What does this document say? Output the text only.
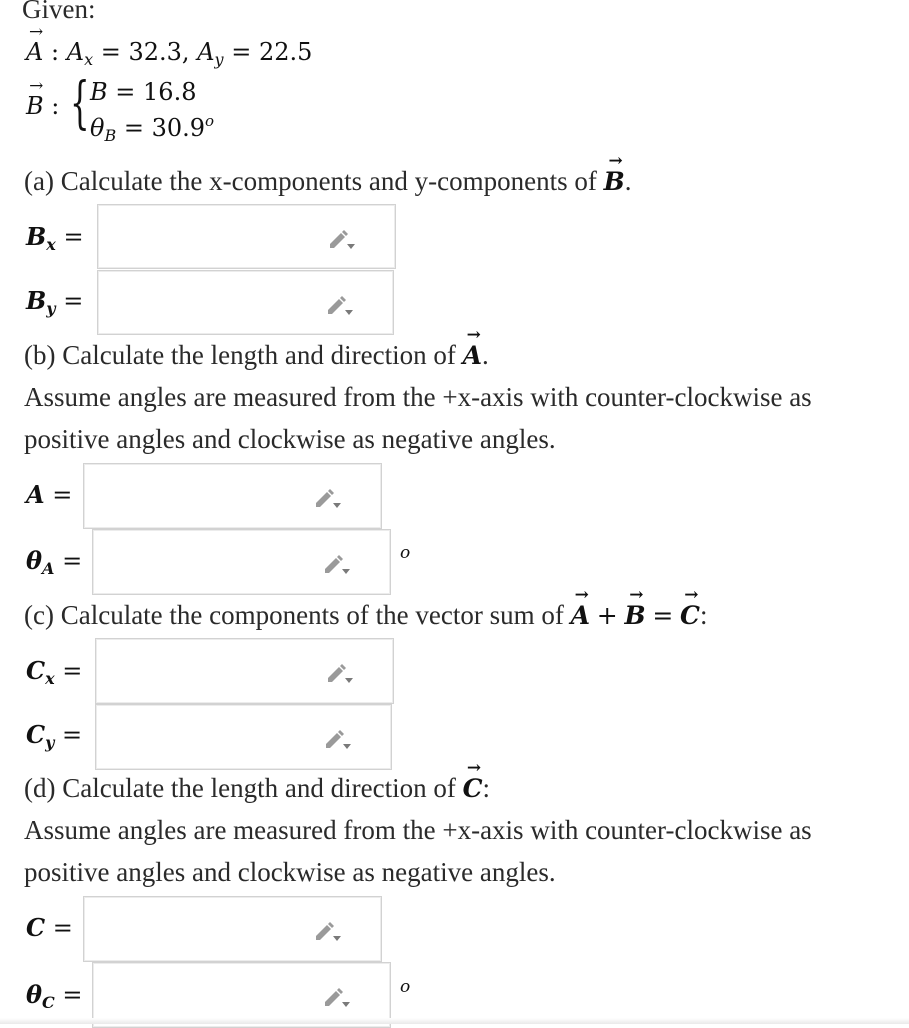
Given:
A → : $A_x = 32.3$, $A_y = 22.5$
B → : { B = 16.8
$\theta_B = 30.9^o$
(a) Calculate the x-components and y-components of B →.
$B_x$ =
$B_y$ =
(b) Calculate the length and direction of A →.
Assume angles are measured from the +x-axis with counter-clockwise as
positive angles and clockwise as negative angles.
A =
$\theta_A$ =	o
(c) Calculate the components of the vector sum of A → + B → = C →:
$C_x$ =
$C_y$ =
(d) Calculate the length and direction of C →:
Assume angles are measured from the +x-axis with counter-clockwise as
positive angles and clockwise as negative angles.
C =
$\theta_C$ =	o
